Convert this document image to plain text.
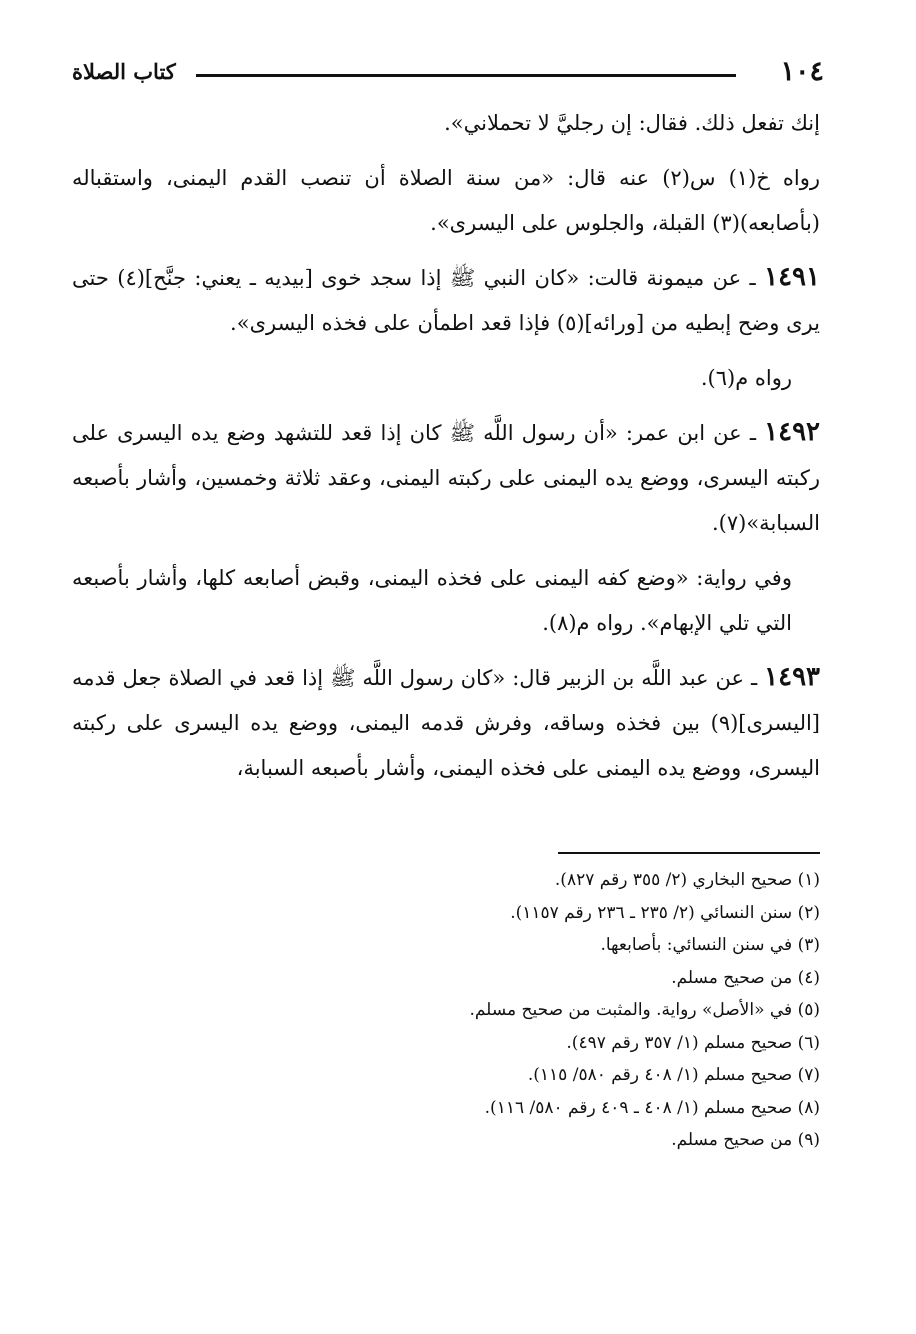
١٠٤
كتاب الصلاة

إنك تفعل ذلك. فقال: إن رجليَّ لا تحملاني».

رواه خ(١) س(٢) عنه قال: «من سنة الصلاة أن تنصب القدم اليمنى، واستقباله (بأصابعه)(٣) القبلة، والجلوس على اليسرى».

١٤٩١ ـ عن ميمونة قالت: «كان النبي ﷺ إذا سجد خوى [بيديه ـ يعني: جنَّح](٤) حتى يرى وضح إبطيه من [ورائه](٥) فإذا قعد اطمأن على فخذه اليسرى».

رواه م(٦).

١٤٩٢ ـ عن ابن عمر: «أن رسول اللَّه ﷺ كان إذا قعد للتشهد وضع يده اليسرى على ركبته اليسرى، ووضع يده اليمنى على ركبته اليمنى، وعقد ثلاثة وخمسين، وأشار بأصبعه السبابة»(٧).

وفي رواية: «وضع كفه اليمنى على فخذه اليمنى، وقبض أصابعه كلها، وأشار بأصبعه التي تلي الإبهام». رواه م(٨).

١٤٩٣ ـ عن عبد اللَّه بن الزبير قال: «كان رسول اللَّه ﷺ إذا قعد في الصلاة جعل قدمه [اليسرى](٩) بين فخذه وساقه، وفرش قدمه اليمنى، ووضع يده اليسرى على ركبته اليسرى، ووضع يده اليمنى على فخذه اليمنى، وأشار بأصبعه السبابة،

(١) صحيح البخاري (٢/ ٣٥٥ رقم ٨٢٧).
(٢) سنن النسائي (٢/ ٢٣٥ ـ ٢٣٦ رقم ١١٥٧).
(٣) في سنن النسائي: بأصابعها.
(٤) من صحيح مسلم.
(٥) في «الأصل» رواية. والمثبت من صحيح مسلم.
(٦) صحيح مسلم (١/ ٣٥٧ رقم ٤٩٧).
(٧) صحيح مسلم (١/ ٤٠٨ رقم ٥٨٠/ ١١٥).
(٨) صحيح مسلم (١/ ٤٠٨ ـ ٤٠٩ رقم ٥٨٠/ ١١٦).
(٩) من صحيح مسلم.
